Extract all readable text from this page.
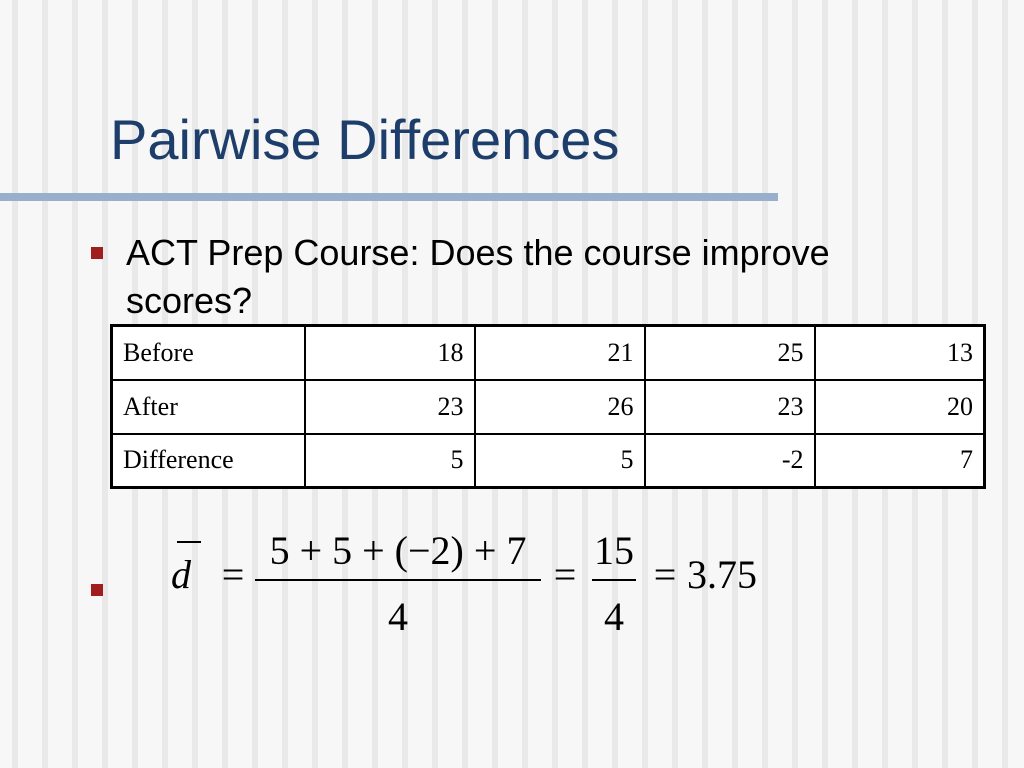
Pairwise Differences

ACT Prep Course: Does the course improve scores?

Before	18	21	25	13
After	23	26	23	20
Difference	5	5	-2	7
d =
5 + 5 + (−2) + 7
4
=
15
4
= 3.75
